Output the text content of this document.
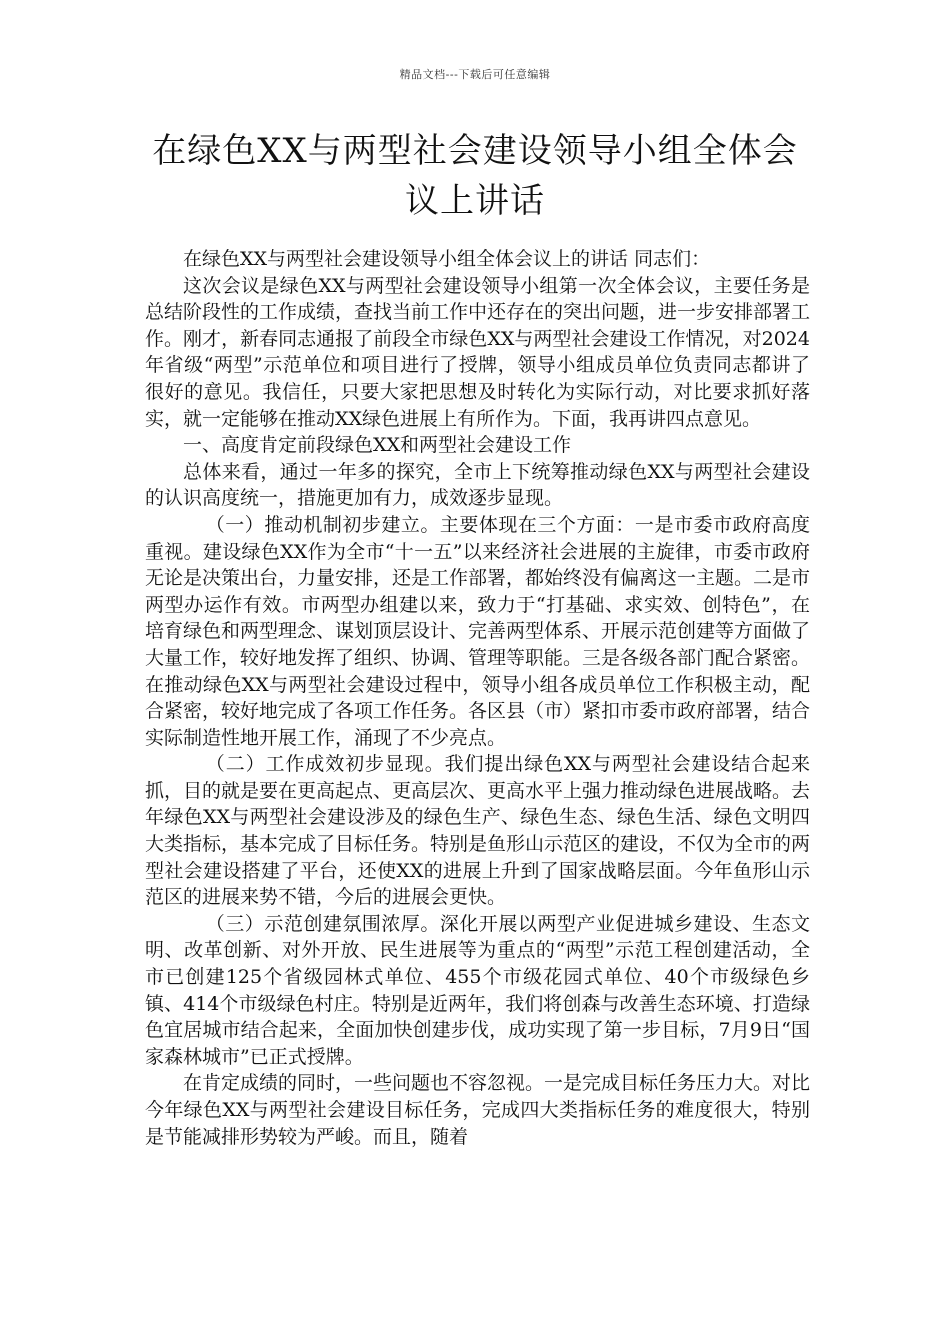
精品文档---下载后可任意编辑
在绿色XX与两型社会建设领导小组全体会议上讲话

在绿色XX与两型社会建设领导小组全体会议上的讲话 同志们：

这次会议是绿色XX与两型社会建设领导小组第一次全体会议，主要任务是总结阶段性的工作成绩，查找当前工作中还存在的突出问题，进一步安排部署工作。刚才，新春同志通报了前段全市绿色XX与两型社会建设工作情况，对2024年省级“两型”示范单位和项目进行了授牌，领导小组成员单位负责同志都讲了很好的意见。我信任，只要大家把思想及时转化为实际行动，对比要求抓好落实，就一定能够在推动XX绿色进展上有所作为。下面，我再讲四点意见。

一、高度肯定前段绿色XX和两型社会建设工作

总体来看，通过一年多的探究，全市上下统筹推动绿色XX与两型社会建设的认识高度统一，措施更加有力，成效逐步显现。

（一）推动机制初步建立。主要体现在三个方面：一是市委市政府高度重视。建设绿色XX作为全市“十一五”以来经济社会进展的主旋律，市委市政府无论是决策出台，力量安排，还是工作部署，都始终没有偏离这一主题。二是市两型办运作有效。市两型办组建以来，致力于“打基础、求实效、创特色”，在培育绿色和两型理念、谋划顶层设计、完善两型体系、开展示范创建等方面做了大量工作，较好地发挥了组织、协调、管理等职能。三是各级各部门配合紧密。在推动绿色XX与两型社会建设过程中，领导小组各成员单位工作积极主动，配合紧密，较好地完成了各项工作任务。各区县（市）紧扣市委市政府部署，结合实际制造性地开展工作，涌现了不少亮点。

（二）工作成效初步显现。我们提出绿色XX与两型社会建设结合起来抓，目的就是要在更高起点、更高层次、更高水平上强力推动绿色进展战略。去年绿色XX与两型社会建设涉及的绿色生产、绿色生态、绿色生活、绿色文明四大类指标，基本完成了目标任务。特别是鱼形山示范区的建设，不仅为全市的两型社会建设搭建了平台，还使XX的进展上升到了国家战略层面。今年鱼形山示范区的进展来势不错，今后的进展会更快。

（三）示范创建氛围浓厚。深化开展以两型产业促进城乡建设、生态文明、改革创新、对外开放、民生进展等为重点的“两型”示范工程创建活动，全市已创建125个省级园林式单位、455个市级花园式单位、40个市级绿色乡镇、414个市级绿色村庄。特别是近两年，我们将创森与改善生态环境、打造绿色宜居城市结合起来，全面加快创建步伐，成功实现了第一步目标，7月9日“国家森林城市”已正式授牌。

在肯定成绩的同时，一些问题也不容忽视。一是完成目标任务压力大。对比今年绿色XX与两型社会建设目标任务，完成四大类指标任务的难度很大，特别是节能减排形势较为严峻。而且，随着
